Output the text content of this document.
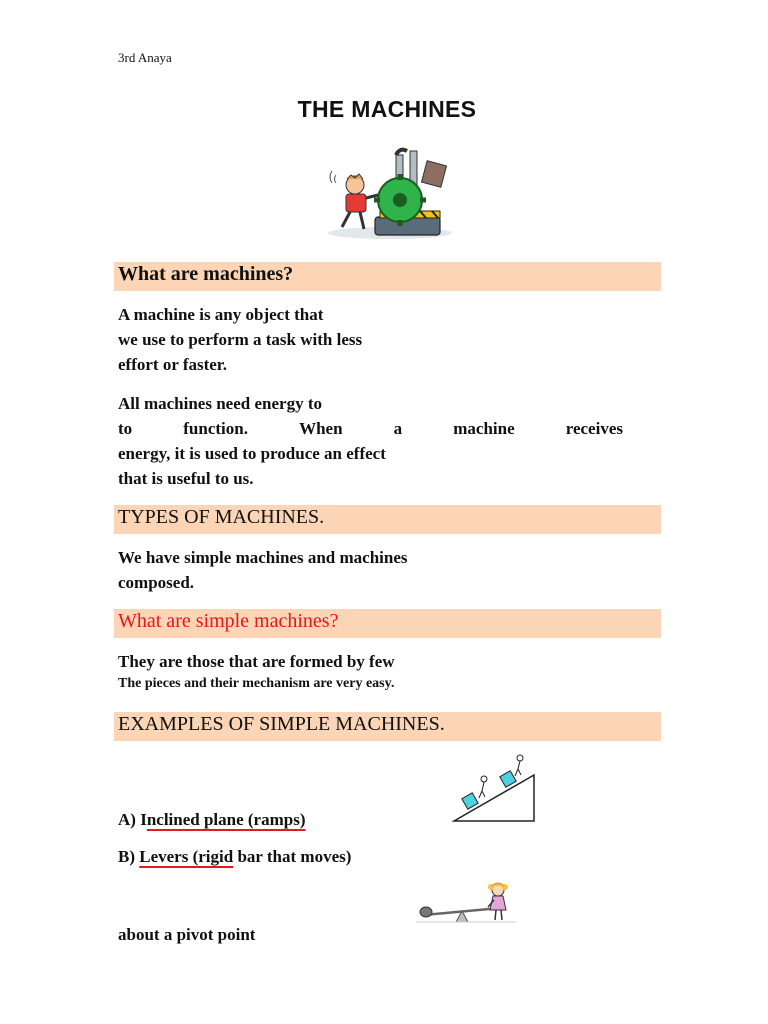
3rd Anaya
THE MACHINES
What are machines?
A machine is any object that
we use to perform a task with less
effort or faster.
All machines need energy to
to	function.	When	a	machine	receives
energy, it is used to produce an effect
that is useful to us.
TYPES OF MACHINES.
We have simple machines and machines
composed.
What are simple machines?
They are those that are formed by few
The pieces and their mechanism are very easy.
EXAMPLES OF SIMPLE MACHINES.
A) Inclined plane (ramps)
B) Levers (rigid bar that moves)
about a pivot point
